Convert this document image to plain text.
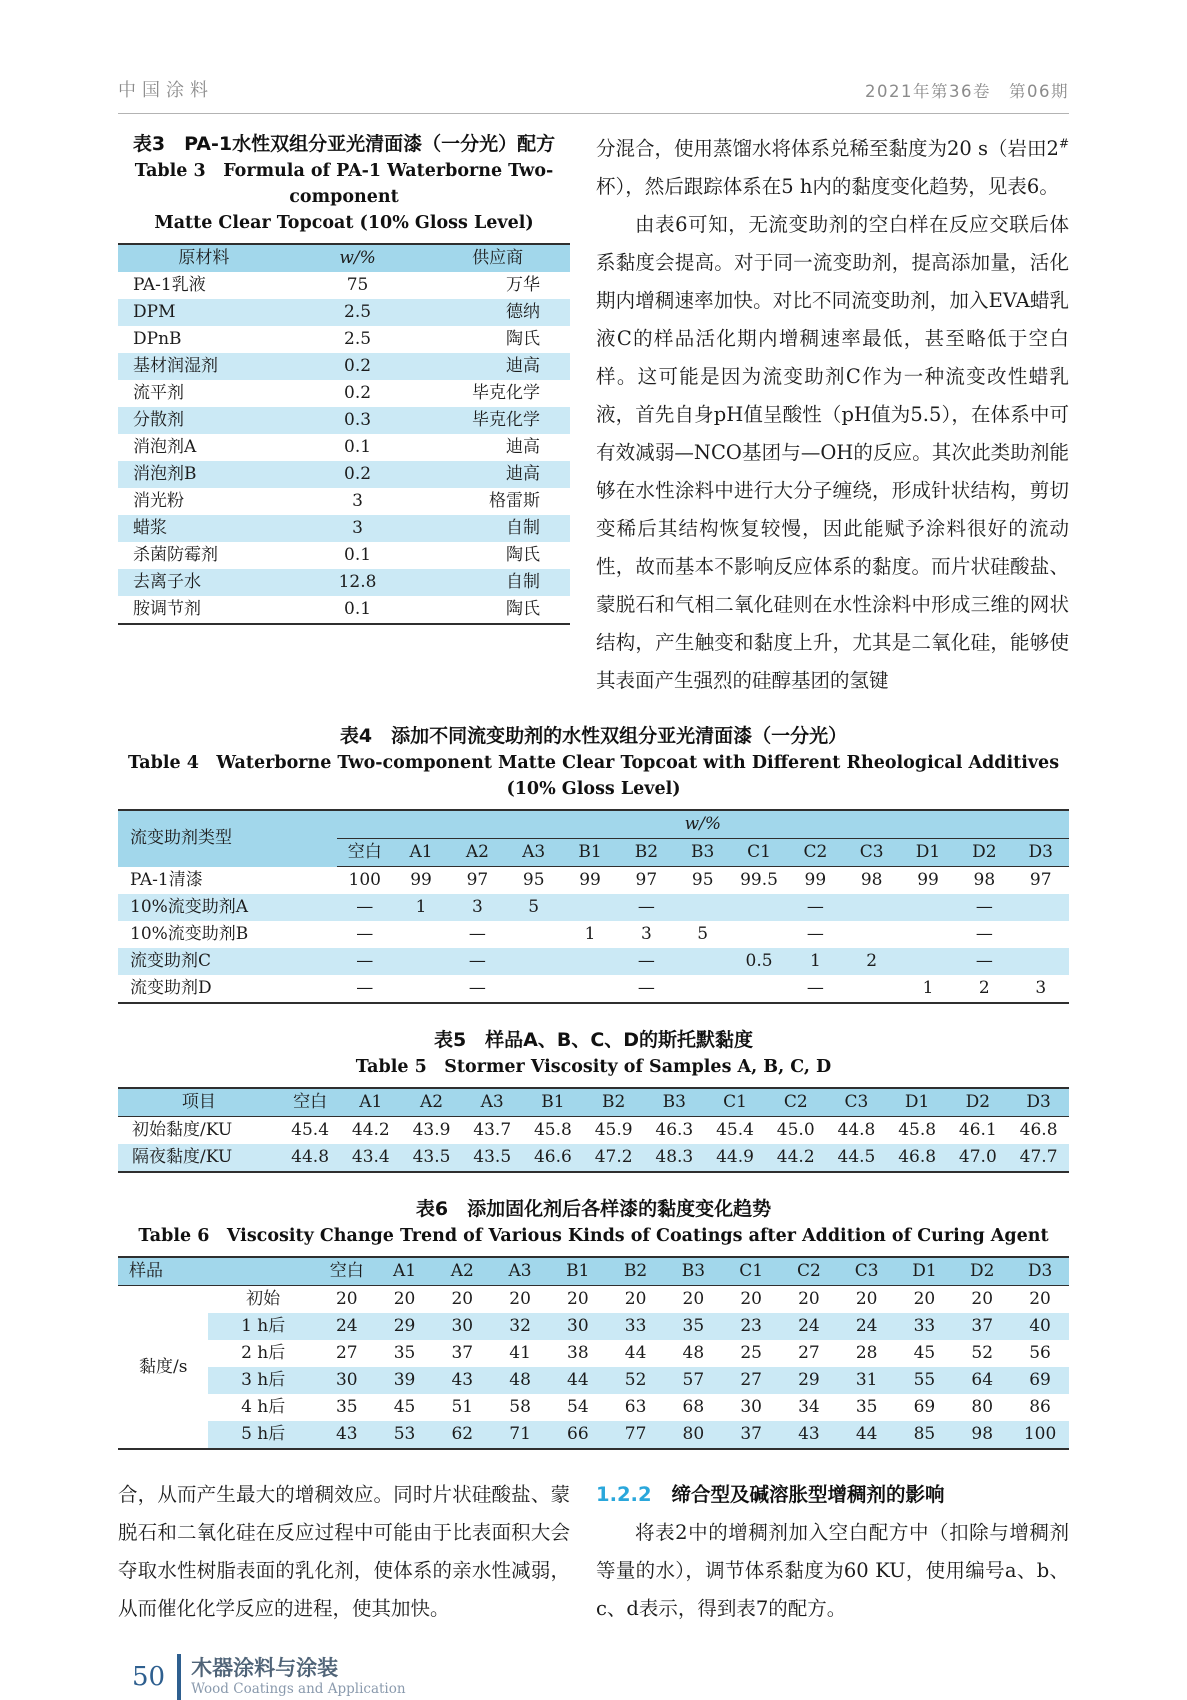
中国涂料	2021年第36卷　第06期
表3　PA-1水性双组分亚光清面漆（一分光）配方
Table 3　Formula of PA-1 Waterborne Two-component
Matte Clear Topcoat (10% Gloss Level)
原材料	w/%	供应商
PA-1乳液	75	万华
DPM	2.5	德纳
DPnB	2.5	陶氏
基材润湿剂	0.2	迪高
流平剂	0.2	毕克化学
分散剂	0.3	毕克化学
消泡剂A	0.1	迪高
消泡剂B	0.2	迪高
消光粉	3	格雷斯
蜡浆	3	自制
杀菌防霉剂	0.1	陶氏
去离子水	12.8	自制
胺调节剂	0.1	陶氏

分混合，使用蒸馏水将体系兑稀至黏度为20 s（岩田2#杯），然后跟踪体系在5 h内的黏度变化趋势，见表6。

由表6可知，无流变助剂的空白样在反应交联后体系黏度会提高。对于同一流变助剂，提高添加量，活化期内增稠速率加快。对比不同流变助剂，加入EVA蜡乳液C的样品活化期内增稠速率最低，甚至略低于空白样。这可能是因为流变助剂C作为一种流变改性蜡乳液，首先自身pH值呈酸性（pH值为5.5），在体系中可有效减弱—NCO基团与—OH的反应。其次此类助剂能够在水性涂料中进行大分子缠绕，形成针状结构，剪切变稀后其结构恢复较慢，因此能赋予涂料很好的流动性，故而基本不影响反应体系的黏度。而片状硅酸盐、蒙脱石和气相二氧化硅则在水性涂料中形成三维的网状结构，产生触变和黏度上升，尤其是二氧化硅，能够使其表面产生强烈的硅醇基团的氢键

表4　添加不同流变助剂的水性双组分亚光清面漆（一分光）
Table 4　Waterborne Two-component Matte Clear Topcoat with Different Rheological Additives (10% Gloss Level)
流变助剂类型	w/%												
	空白	A1	A2	A3	B1	B2	B3	C1	C2	C3	D1	D2	D3
PA-1清漆	100	99	97	95	99	97	95	99.5	99	98	99	98	97
10%流变助剂A	—	1	3	5		—			—			—	
10%流变助剂B	—		—		1	3	5		—			—	
流变助剂C	—		—			—		0.5	1	2		—	
流变助剂D	—		—			—			—		1	2	3
表5　样品A、B、C、D的斯托默黏度
Table 5　Stormer Viscosity of Samples A, B, C, D
项目	空白	A1	A2	A3	B1	B2	B3	C1	C2	C3	D1	D2	D3
初始黏度/KU	45.4	44.2	43.9	43.7	45.8	45.9	46.3	45.4	45.0	44.8	45.8	46.1	46.8
隔夜黏度/KU	44.8	43.4	43.5	43.5	46.6	47.2	48.3	44.9	44.2	44.5	46.8	47.0	47.7
表6　添加固化剂后各样漆的黏度变化趋势
Table 6　Viscosity Change Trend of Various Kinds of Coatings after Addition of Curing Agent
样品		空白	A1	A2	A3	B1	B2	B3	C1	C2	C3	D1	D2	D3
黏度/s	初始	20	20	20	20	20	20	20	20	20	20	20	20	20
	1 h后	24	29	30	32	30	33	35	23	24	24	33	37	40
	2 h后	27	35	37	41	38	44	48	25	27	28	45	52	56
	3 h后	30	39	43	48	44	52	57	27	29	31	55	64	69
	4 h后	35	45	51	58	54	63	68	30	34	35	69	80	86
	5 h后	43	53	62	71	66	77	80	37	43	44	85	98	100

合，从而产生最大的增稠效应。同时片状硅酸盐、蒙脱石和二氧化硅在反应过程中可能由于比表面积大会夺取水性树脂表面的乳化剂，使体系的亲水性减弱，从而催化化学反应的进程，使其加快。

1.2.2 缔合型及碱溶胀型增稠剂的影响

将表2中的增稠剂加入空白配方中（扣除与增稠剂等量的水），调节体系黏度为60 KU，使用编号a、b、c、d表示，得到表7的配方。

50 木器涂料与涂装
Wood Coatings and Application
